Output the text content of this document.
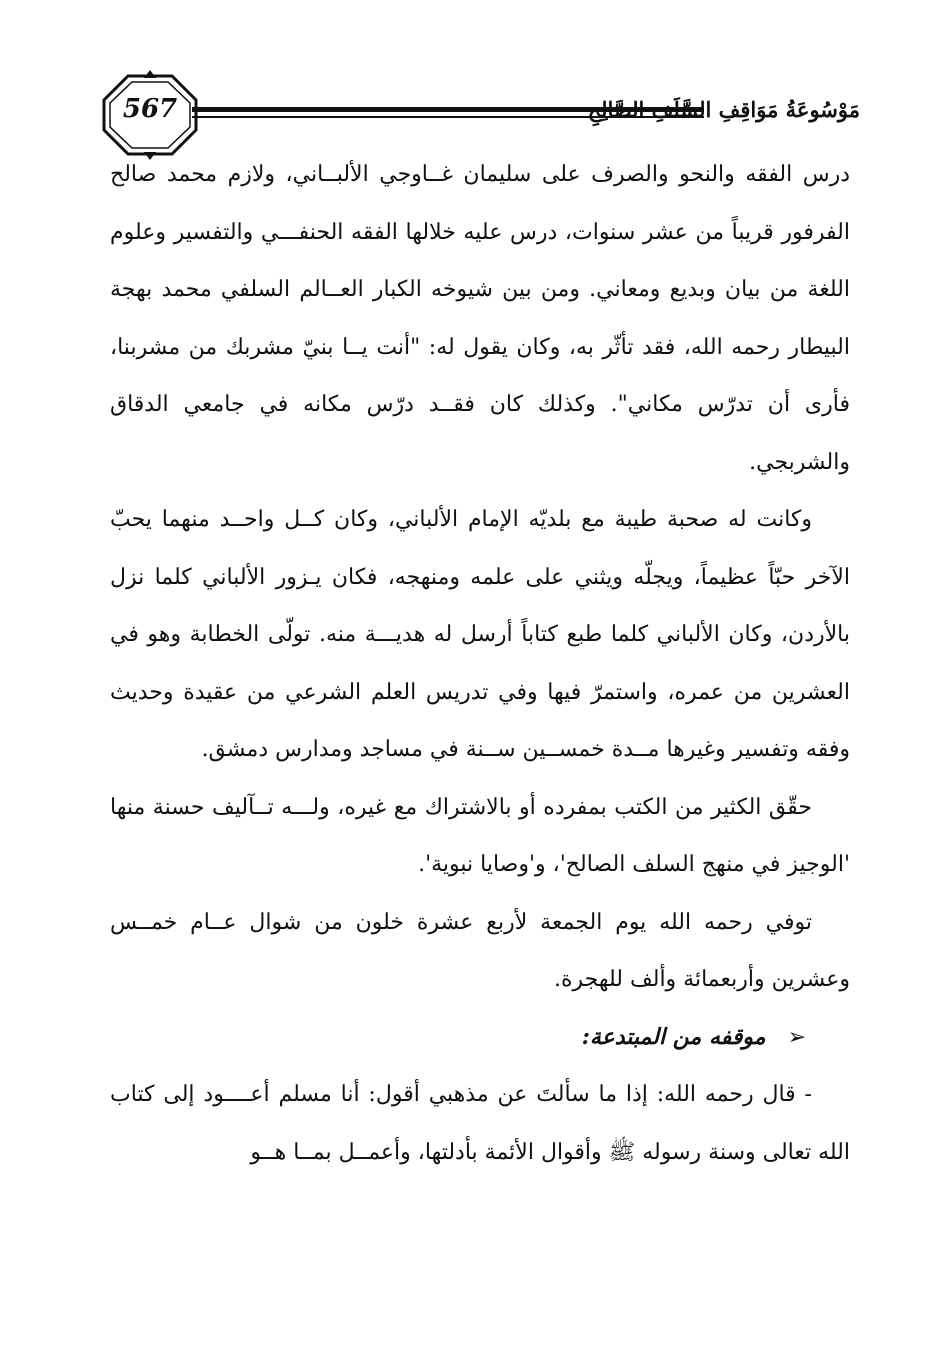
567	مَوْسُوعَةُ مَوَاقِفِ السَّلَفِ الصَّالِحِ

درس الفقه والنحو والصرف على سليمان غــاوجي الألبــاني، ولازم محمد صالح الفرفور قريباً من عشر سنوات، درس عليه خلالها الفقه الحنفـــي والتفسير وعلوم اللغة من بيان وبديع ومعاني. ومن بين شيوخه الكبار العــالم السلفي محمد بهجة البيطار رحمه الله، فقد تأثّر به، وكان يقول له: "أنت يــا بنيّ مشربك من مشربنا، فأرى أن تدرّس مكاني". وكذلك كان فقــد درّس مكانه في جامعي الدقاق والشربجي.

وكانت له صحبة طيبة مع بلديّه الإمام الألباني، وكان كــل واحــد منهما يحبّ الآخر حبّاً عظيماً، ويجلّه ويثني على علمه ومنهجه، فكان يـزور الألباني كلما نزل بالأردن، وكان الألباني كلما طبع كتاباً أرسل له هديـــة منه. تولّى الخطابة وهو في العشرين من عمره، واستمرّ فيها وفي تدريس العلم الشرعي من عقيدة وحديث وفقه وتفسير وغيرها مــدة خمســين ســنة في مساجد ومدارس دمشق.

حقّق الكثير من الكتب بمفرده أو بالاشتراك مع غيره، ولـــه تــآليف حسنة منها 'الوجيز في منهج السلف الصالح'، و'وصايا نبوية'.

توفي رحمه الله يوم الجمعة لأربع عشرة خلون من شوال عــام خمــس وعشرين وأربعمائة وألف للهجرة.

➢موقفه من المبتدعة:

- قال رحمه الله: إذا ما سألتَ عن مذهبي أقول: أنا مسلم أعــــود إلى كتاب الله تعالى وسنة رسوله ﷺ وأقوال الأئمة بأدلتها، وأعمــل بمــا هــو
